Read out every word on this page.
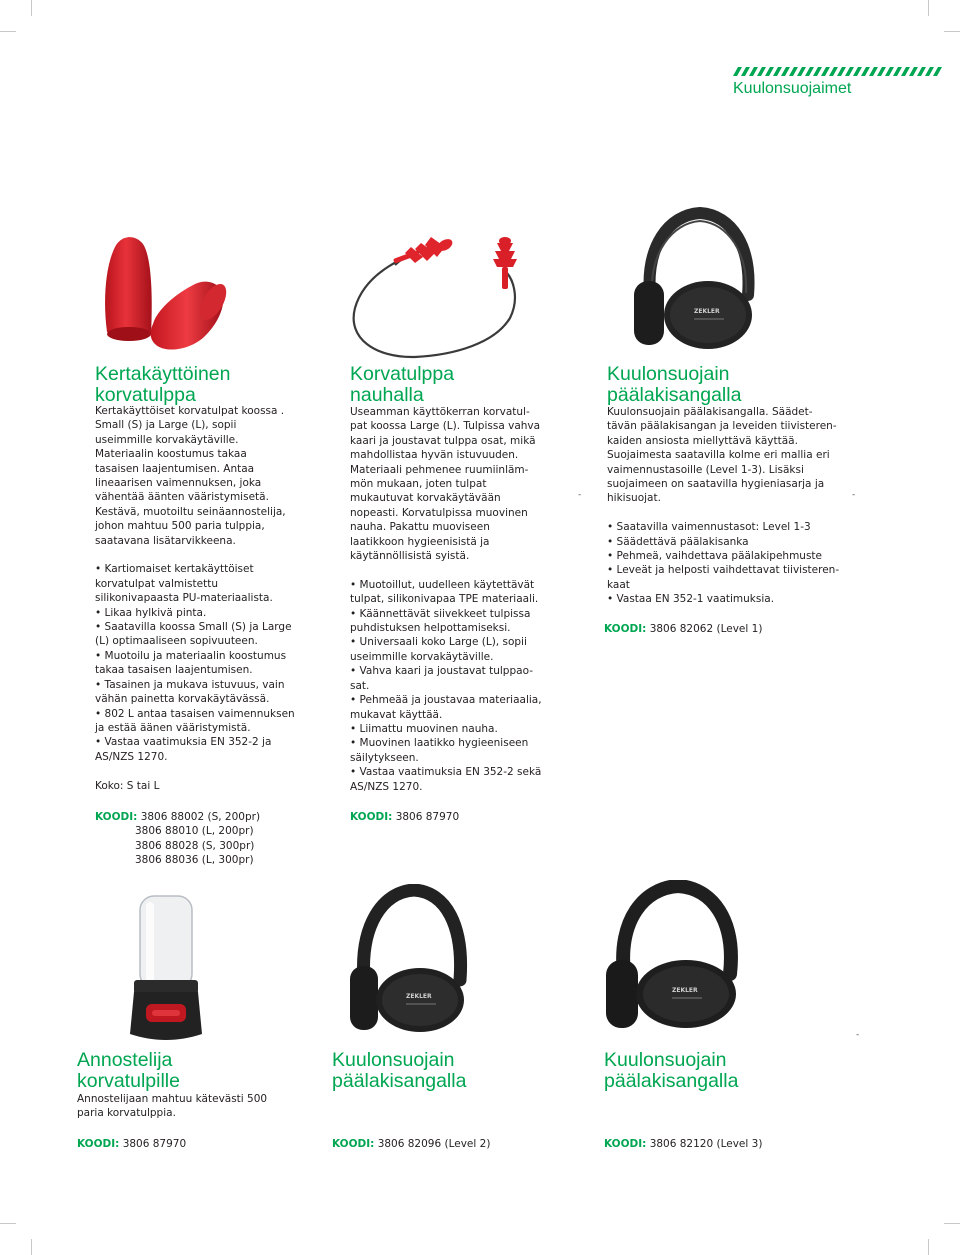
Kuulonsuojaimet
ZEKLER
Kertakäyttöinen
korvatulppa
Kertakäyttöiset korvatulpat koossa .
Small (S) ja Large (L), sopii
useimmille korvakäytäville.
Materiaalin koostumus takaa
tasaisen laajentumisen. Antaa
lineaarisen vaimennuksen, joka
vähentää äänten vääristymisetä.
Kestävä, muotoiltu seinäannostelija,
johon mahtuu 500 paria tulppia,
saatavana lisätarvikkeena.
• Kartiomaiset kertakäyttöiset
korvatulpat valmistettu
silikonivapaasta PU-materiaalista.
• Likaa hylkivä pinta.
• Saatavilla koossa Small (S) ja Large
(L) optimaaliseen sopivuuteen.
• Muotoilu ja materiaalin koostumus
takaa tasaisen laajentumisen.
• Tasainen ja mukava istuvuus, vain
vähän painetta korvakäytävässä.
• 802 L antaa tasaisen vaimennuksen
ja estää äänen vääristymistä.
• Vastaa vaatimuksia EN 352-2 ja
AS/NZS 1270.
Koko: S tai L
KOODI: 3806 88002 (S, 200pr)
3806 88010 (L, 200pr)
3806 88028 (S, 300pr)
3806 88036 (L, 300pr)
Korvatulppa
nauhalla
Useamman käyttökerran korvatul-
pat koossa Large (L). Tulpissa vahva
kaari ja joustavat tulppa osat, mikä
mahdollistaa hyvän istuvuuden.
Materiaali pehmenee ruumiinläm-
mön mukaan, joten tulpat
mukautuvat korvakäytävään
nopeasti. Korvatulpissa muovinen
nauha. Pakattu muoviseen
laatikkoon hygieenisistä ja
käytännöllisistä syistä.
• Muotoillut, uudelleen käytettävät
tulpat, silikonivapaa TPE materiaali.
• Käännettävät siivekkeet tulpissa
puhdistuksen helpottamiseksi.
• Universaali koko Large (L), sopii
useimmille korvakäytäville.
• Vahva kaari ja joustavat tulppao-
sat.
• Pehmeää ja joustavaa materiaalia,
mukavat käyttää.
• Liimattu muovinen nauha.
• Muovinen laatikko hygieeniseen
säilytykseen.
• Vastaa vaatimuksia EN 352-2 sekä
AS/NZS 1270.
KOODI: 3806 87970
Kuulonsuojain
päälakisangalla
Kuulonsuojain päälakisangalla. Säädet-
tävän päälakisangan ja leveiden tiivisteren-
kaiden ansiosta miellyttävä käyttää.
Suojaimesta saatavilla kolme eri mallia eri
vaimennustasoille (Level 1-3). Lisäksi
suojaimeen on saatavilla hygieniasarja ja
hikisuojat.
• Saatavilla vaimennustasot: Level 1-3
• Säädettävä päälakisanka
• Pehmeä, vaihdettava päälakipehmuste
• Leveät ja helposti vaihdettavat tiivisteren-
kaat
• Vastaa EN 352-1 vaatimuksia.
KOODI: 3806 82062 (Level 1)
-	-
-
ZEKLER
ZEKLER
Annostelija
korvatulpille
Annostelijaan mahtuu kätevästi 500
paria korvatulppia.
KOODI: 3806 87970
Kuulonsuojain
päälakisangalla
KOODI: 3806 82096 (Level 2)
Kuulonsuojain
päälakisangalla
KOODI: 3806 82120 (Level 3)
